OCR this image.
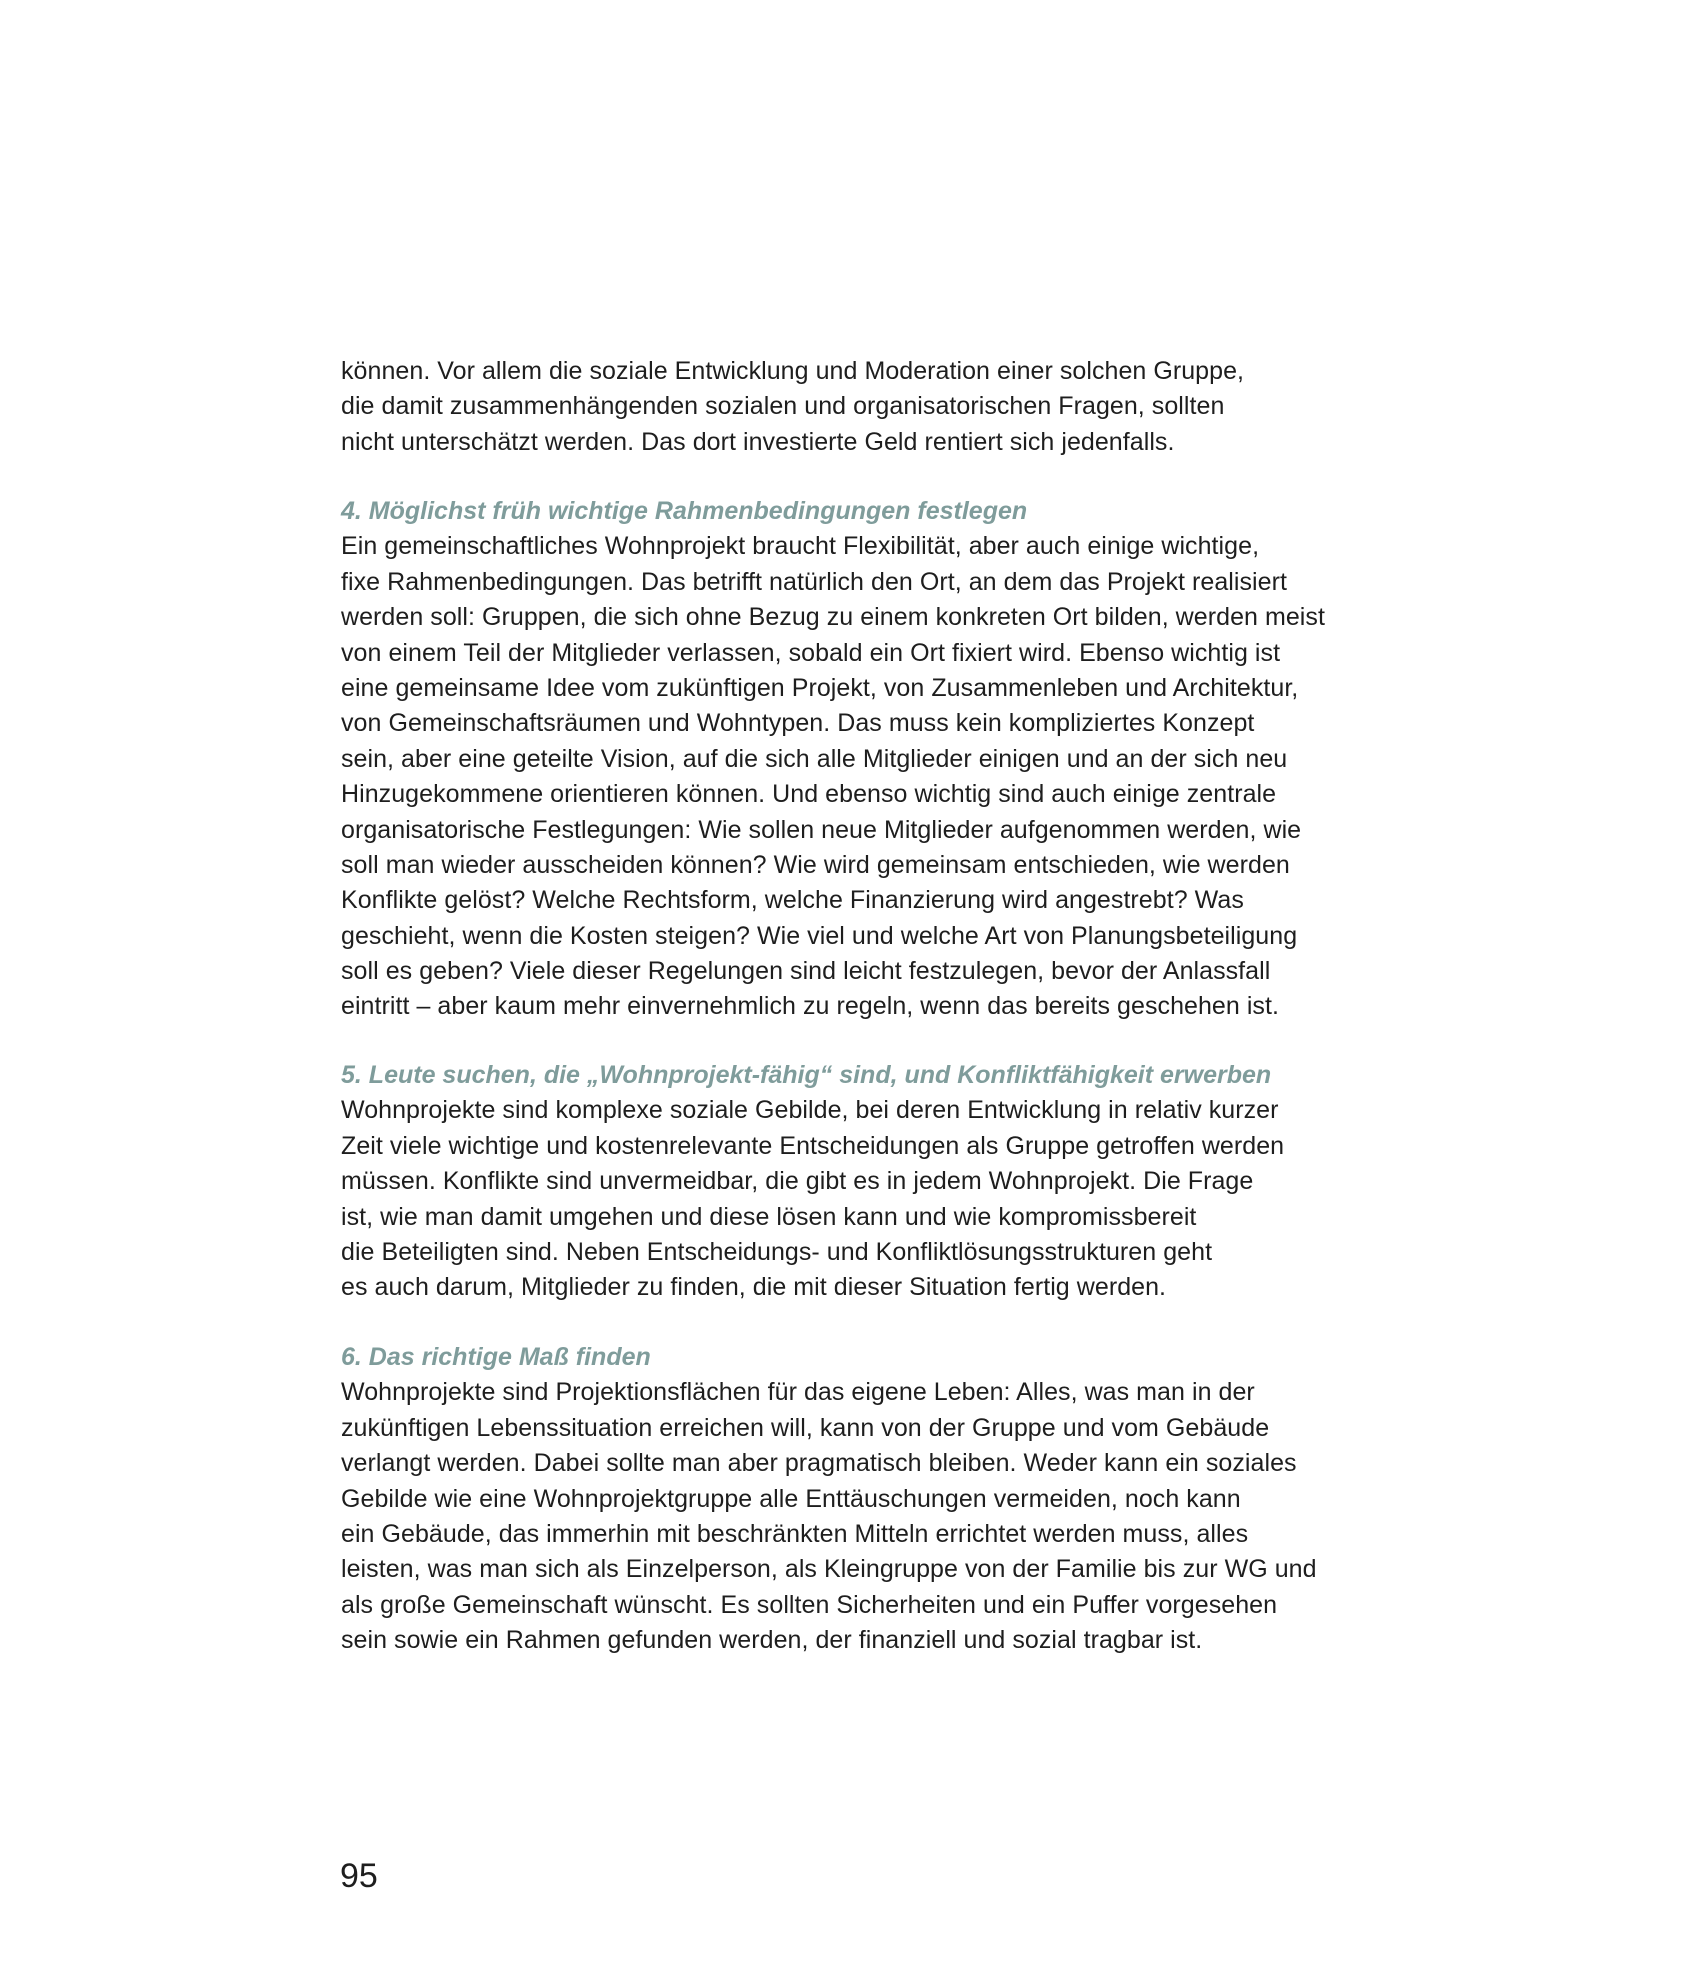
können. Vor allem die soziale Entwicklung und Moderation einer solchen Gruppe,
die damit zusammenhängenden sozialen und organisatorischen Fragen, sollten
nicht unterschätzt werden. Das dort investierte Geld rentiert sich jedenfalls.
4. Möglichst früh wichtige Rahmenbedingungen festlegen
Ein gemeinschaftliches Wohnprojekt braucht Flexibilität, aber auch einige wichtige,
fixe Rahmenbedingungen. Das betrifft natürlich den Ort, an dem das Projekt realisiert
werden soll: Gruppen, die sich ohne Bezug zu einem konkreten Ort bilden, werden meist
von einem Teil der Mitglieder verlassen, sobald ein Ort fixiert wird. Ebenso wichtig ist
eine gemeinsame Idee vom zukünftigen Projekt, von Zusammenleben und Architektur,
von Gemeinschaftsräumen und Wohntypen. Das muss kein kompliziertes Konzept
sein, aber eine geteilte Vision, auf die sich alle Mitglieder einigen und an der sich neu
Hinzugekommene orientieren können. Und ebenso wichtig sind auch einige zentrale
organisatorische Festlegungen: Wie sollen neue Mitglieder aufgenommen werden, wie
soll man wieder ausscheiden können? Wie wird gemeinsam entschieden, wie werden
Konflikte gelöst? Welche Rechtsform, welche Finanzierung wird angestrebt? Was
geschieht, wenn die Kosten steigen? Wie viel und welche Art von Planungsbeteiligung
soll es geben? Viele dieser Regelungen sind leicht festzulegen, bevor der Anlassfall
eintritt – aber kaum mehr einvernehmlich zu regeln, wenn das bereits geschehen ist.
5. Leute suchen, die „Wohnprojekt-fähig“ sind, und Konfliktfähigkeit erwerben
Wohnprojekte sind komplexe soziale Gebilde, bei deren Entwicklung in relativ kurzer
Zeit viele wichtige und kostenrelevante Entscheidungen als Gruppe getroffen werden
müssen. Konflikte sind unvermeidbar, die gibt es in jedem Wohnprojekt. Die Frage
ist, wie man damit umgehen und diese lösen kann und wie kompromissbereit
die Beteiligten sind. Neben Entscheidungs- und Konfliktlösungsstrukturen geht
es auch darum, Mitglieder zu finden, die mit dieser Situation fertig werden.
6. Das richtige Maß finden
Wohnprojekte sind Projektionsflächen für das eigene Leben: Alles, was man in der
zukünftigen Lebenssituation erreichen will, kann von der Gruppe und vom Gebäude
verlangt werden. Dabei sollte man aber pragmatisch bleiben. Weder kann ein soziales
Gebilde wie eine Wohnprojektgruppe alle Enttäuschungen vermeiden, noch kann
ein Gebäude, das immerhin mit beschränkten Mitteln errichtet werden muss, alles
leisten, was man sich als Einzelperson, als Kleingruppe von der Familie bis zur WG und
als große Gemeinschaft wünscht. Es sollten Sicherheiten und ein Puffer vorgesehen
sein sowie ein Rahmen gefunden werden, der finanziell und sozial tragbar ist.
95
